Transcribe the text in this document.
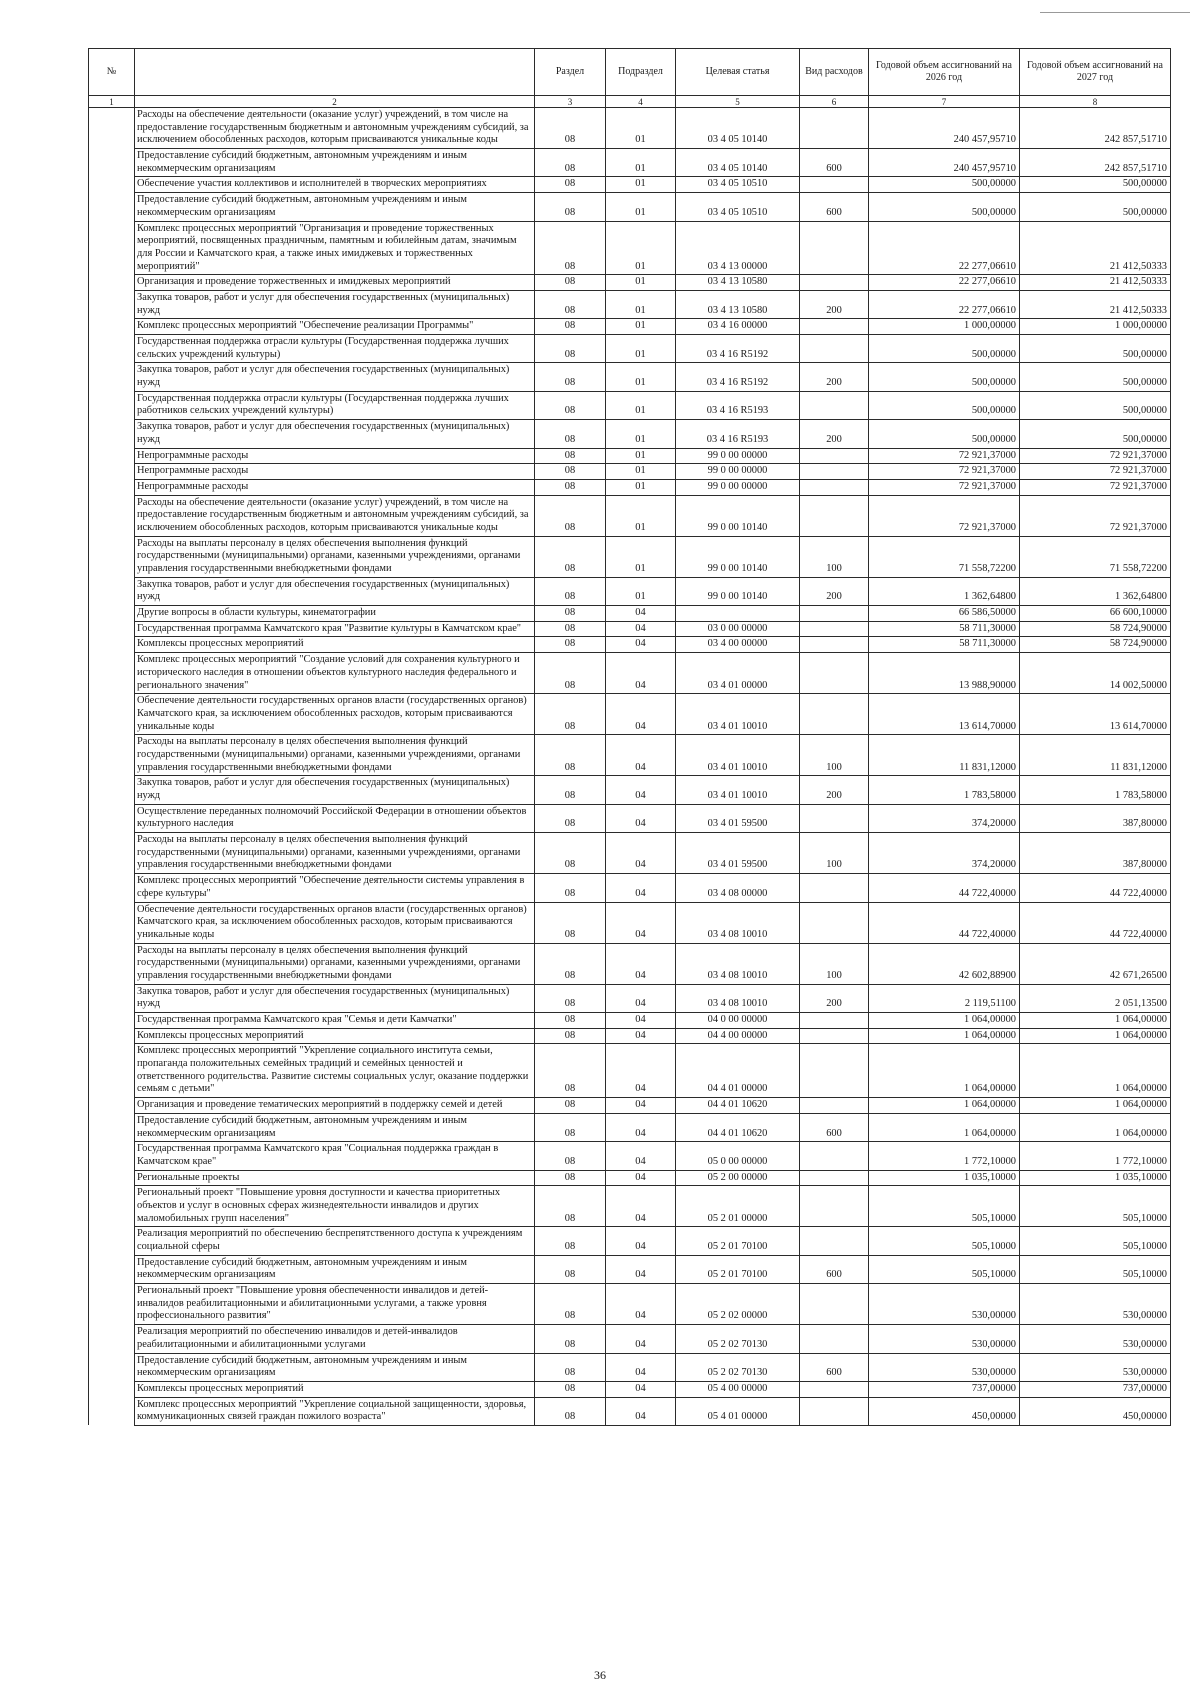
№		Раздел	Подраздел	Целевая статья	Вид расходов	Годовой объем ассигнований на 2026 год	Годовой объем ассигнований на 2027 год
1	2	3	4	5	6	7	8
	Расходы на обеспечение деятельности (оказание услуг) учреждений, в том числе на предоставление государственным бюджетным и автономным учреждениям субсидий, за исключением обособленных расходов, которым присваиваются уникальные коды	08	01	03 4 05 10140		240 457,95710	242 857,51710
	Предоставление субсидий бюджетным, автономным учреждениям и иным некоммерческим организациям	08	01	03 4 05 10140	600	240 457,95710	242 857,51710
	Обеспечение участия коллективов и исполнителей в творческих мероприятиях	08	01	03 4 05 10510		500,00000	500,00000
	Предоставление субсидий бюджетным, автономным учреждениям и иным некоммерческим организациям	08	01	03 4 05 10510	600	500,00000	500,00000
	Комплекс процессных мероприятий "Организация и проведение торжественных мероприятий, посвященных праздничным, памятным и юбилейным датам, значимым для России и Камчатского края, а также иных имиджевых и торжественных мероприятий"	08	01	03 4 13 00000		22 277,06610	21 412,50333
	Организация и проведение торжественных и имиджевых мероприятий	08	01	03 4 13 10580		22 277,06610	21 412,50333
	Закупка товаров, работ и услуг для обеспечения государственных (муниципальных) нужд	08	01	03 4 13 10580	200	22 277,06610	21 412,50333
	Комплекс процессных мероприятий "Обеспечение реализации Программы"	08	01	03 4 16 00000		1 000,00000	1 000,00000
	Государственная поддержка отрасли культуры (Государственная поддержка лучших сельских учреждений культуры)	08	01	03 4 16 R5192		500,00000	500,00000
	Закупка товаров, работ и услуг для обеспечения государственных (муниципальных) нужд	08	01	03 4 16 R5192	200	500,00000	500,00000
	Государственная поддержка отрасли культуры (Государственная поддержка лучших работников сельских учреждений культуры)	08	01	03 4 16 R5193		500,00000	500,00000
	Закупка товаров, работ и услуг для обеспечения государственных (муниципальных) нужд	08	01	03 4 16 R5193	200	500,00000	500,00000
	Непрограммные расходы	08	01	99 0 00 00000		72 921,37000	72 921,37000
	Непрограммные расходы	08	01	99 0 00 00000		72 921,37000	72 921,37000
	Непрограммные расходы	08	01	99 0 00 00000		72 921,37000	72 921,37000
	Расходы на обеспечение деятельности (оказание услуг) учреждений, в том числе на предоставление государственным бюджетным и автономным учреждениям субсидий, за исключением обособленных расходов, которым присваиваются уникальные коды	08	01	99 0 00 10140		72 921,37000	72 921,37000
	Расходы на выплаты персоналу в целях обеспечения выполнения функций государственными (муниципальными) органами, казенными учреждениями, органами управления государственными внебюджетными фондами	08	01	99 0 00 10140	100	71 558,72200	71 558,72200
	Закупка товаров, работ и услуг для обеспечения государственных (муниципальных) нужд	08	01	99 0 00 10140	200	1 362,64800	1 362,64800
	Другие вопросы в области культуры, кинематографии	08	04			66 586,50000	66 600,10000
	Государственная программа Камчатского края "Развитие культуры в Камчатском крае"	08	04	03 0 00 00000		58 711,30000	58 724,90000
	Комплексы процессных мероприятий	08	04	03 4 00 00000		58 711,30000	58 724,90000
	Комплекс процессных мероприятий "Создание условий для сохранения культурного и исторического наследия в отношении объектов культурного наследия федерального и регионального значения"	08	04	03 4 01 00000		13 988,90000	14 002,50000
	Обеспечение деятельности государственных органов власти (государственных органов) Камчатского края, за исключением обособленных расходов, которым присваиваются уникальные коды	08	04	03 4 01 10010		13 614,70000	13 614,70000
	Расходы на выплаты персоналу в целях обеспечения выполнения функций государственными (муниципальными) органами, казенными учреждениями, органами управления государственными внебюджетными фондами	08	04	03 4 01 10010	100	11 831,12000	11 831,12000
	Закупка товаров, работ и услуг для обеспечения государственных (муниципальных) нужд	08	04	03 4 01 10010	200	1 783,58000	1 783,58000
	Осуществление переданных полномочий Российской Федерации в отношении объектов культурного наследия	08	04	03 4 01 59500		374,20000	387,80000
	Расходы на выплаты персоналу в целях обеспечения выполнения функций государственными (муниципальными) органами, казенными учреждениями, органами управления государственными внебюджетными фондами	08	04	03 4 01 59500	100	374,20000	387,80000
	Комплекс процессных мероприятий "Обеспечение деятельности системы управления в сфере культуры"	08	04	03 4 08 00000		44 722,40000	44 722,40000
	Обеспечение деятельности государственных органов власти (государственных органов) Камчатского края, за исключением обособленных расходов, которым присваиваются уникальные коды	08	04	03 4 08 10010		44 722,40000	44 722,40000
	Расходы на выплаты персоналу в целях обеспечения выполнения функций государственными (муниципальными) органами, казенными учреждениями, органами управления государственными внебюджетными фондами	08	04	03 4 08 10010	100	42 602,88900	42 671,26500
	Закупка товаров, работ и услуг для обеспечения государственных (муниципальных) нужд	08	04	03 4 08 10010	200	2 119,51100	2 051,13500
	Государственная программа Камчатского края "Семья и дети Камчатки"	08	04	04 0 00 00000		1 064,00000	1 064,00000
	Комплексы процессных мероприятий	08	04	04 4 00 00000		1 064,00000	1 064,00000
	Комплекс процессных мероприятий "Укрепление социального института семьи, пропаганда положительных семейных традиций и семейных ценностей и ответственного родительства. Развитие системы социальных услуг, оказание поддержки семьям с детьми"	08	04	04 4 01 00000		1 064,00000	1 064,00000
	Организация и проведение тематических мероприятий в поддержку семей и детей	08	04	04 4 01 10620		1 064,00000	1 064,00000
	Предоставление субсидий бюджетным, автономным учреждениям и иным некоммерческим организациям	08	04	04 4 01 10620	600	1 064,00000	1 064,00000
	Государственная программа Камчатского края "Социальная поддержка граждан в Камчатском крае"	08	04	05 0 00 00000		1 772,10000	1 772,10000
	Региональные проекты	08	04	05 2 00 00000		1 035,10000	1 035,10000
	Региональный проект "Повышение уровня доступности и качества приоритетных объектов и услуг в основных сферах жизнедеятельности инвалидов и других маломобильных групп населения"	08	04	05 2 01 00000		505,10000	505,10000
	Реализация мероприятий по обеспечению беспрепятственного доступа к учреждениям социальной сферы	08	04	05 2 01 70100		505,10000	505,10000
	Предоставление субсидий бюджетным, автономным учреждениям и иным некоммерческим организациям	08	04	05 2 01 70100	600	505,10000	505,10000
	Региональный проект "Повышение уровня обеспеченности инвалидов и детей-инвалидов реабилитационными и абилитационными услугами, а также уровня профессионального развития"	08	04	05 2 02 00000		530,00000	530,00000
	Реализация мероприятий по обеспечению инвалидов и детей-инвалидов реабилитационными и абилитационными услугами	08	04	05 2 02 70130		530,00000	530,00000
	Предоставление субсидий бюджетным, автономным учреждениям и иным некоммерческим организациям	08	04	05 2 02 70130	600	530,00000	530,00000
	Комплексы процессных мероприятий	08	04	05 4 00 00000		737,00000	737,00000
	Комплекс процессных мероприятий "Укрепление социальной защищенности, здоровья, коммуникационных связей граждан пожилого возраста"	08	04	05 4 01 00000		450,00000	450,00000
36
